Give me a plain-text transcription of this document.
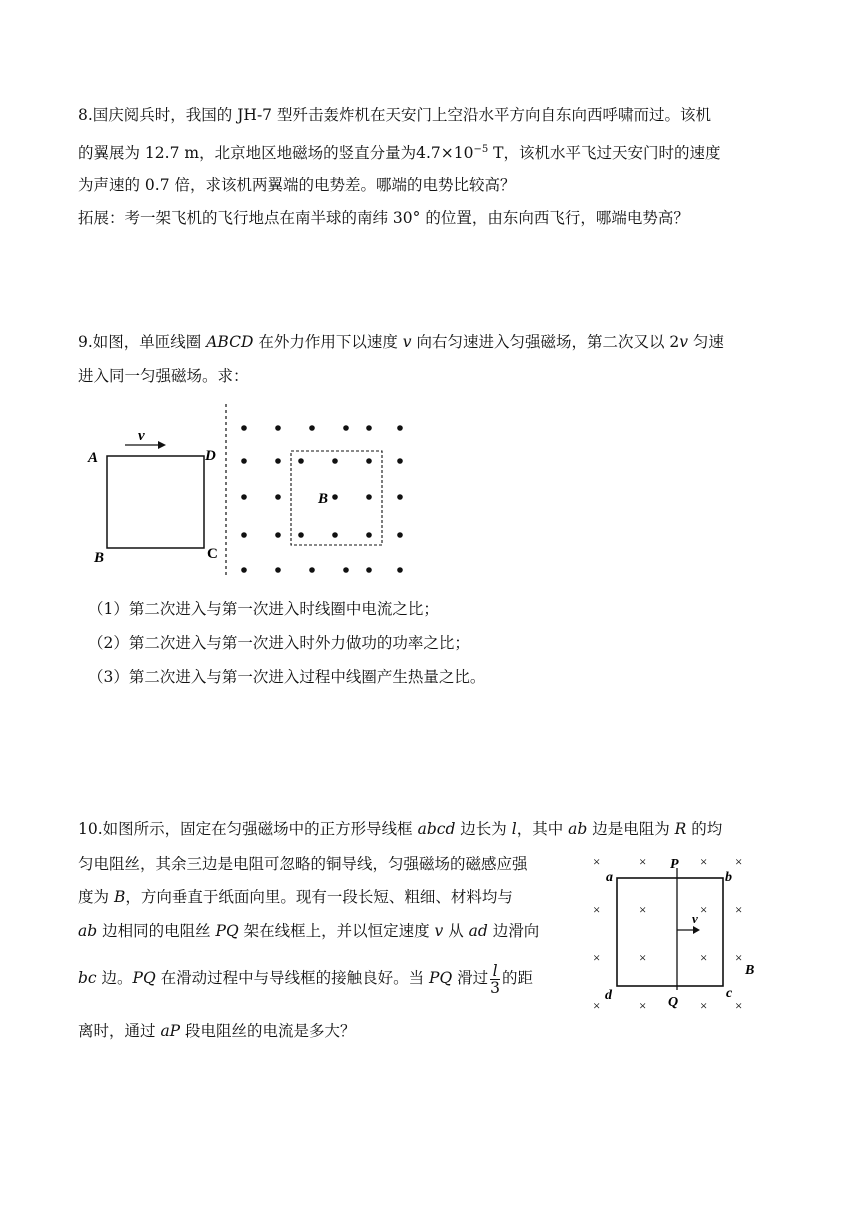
8.国庆阅兵时，我国的 JH-7 型歼击轰炸机在天安门上空沿水平方向自东向西呼啸而过。该机
的翼展为 12.7 m，北京地区地磁场的竖直分量为$4.7\times 10^{-5}$ T，该机水平飞过天安门时的速度
为声速的 0.7 倍，求该机两翼端的电势差。哪端的电势比较高？
拓展：考一架飞机的飞行地点在南半球的南纬 30° 的位置，由东向西飞行，哪端电势高？
9.如图，单匝线圈 ABCD 在外力作用下以速度 v 向右匀速进入匀强磁场，第二次又以 2v 匀速
进入同一匀强磁场。求：
v
A	D
B	C
B
（1）第二次进入与第一次进入时线圈中电流之比；
（2）第二次进入与第一次进入时外力做功的功率之比；
（3）第二次进入与第一次进入过程中线圈产生热量之比。
10.如图所示，固定在匀强磁场中的正方形导线框 abcd 边长为 l，其中 ab 边是电阻为 R 的均
匀电阻丝，其余三边是电阻可忽略的铜导线，匀强磁场的磁感应强
度为 B，方向垂直于纸面向里。现有一段长短、粗细、材料均与
ab 边相同的电阻丝 PQ 架在线框上，并以恒定速度 v 从 ad 边滑向
bc 边。PQ 在滑动过程中与导线框的接触良好。当 PQ 滑过 $\frac{l}{3}$ 的距
离时，通过 aP 段电阻丝的电流是多大？
×	×	× ×
×	×
×	×
×	×
×	×
×	×	× ×
a	b
c
d
P
Q
v
B
